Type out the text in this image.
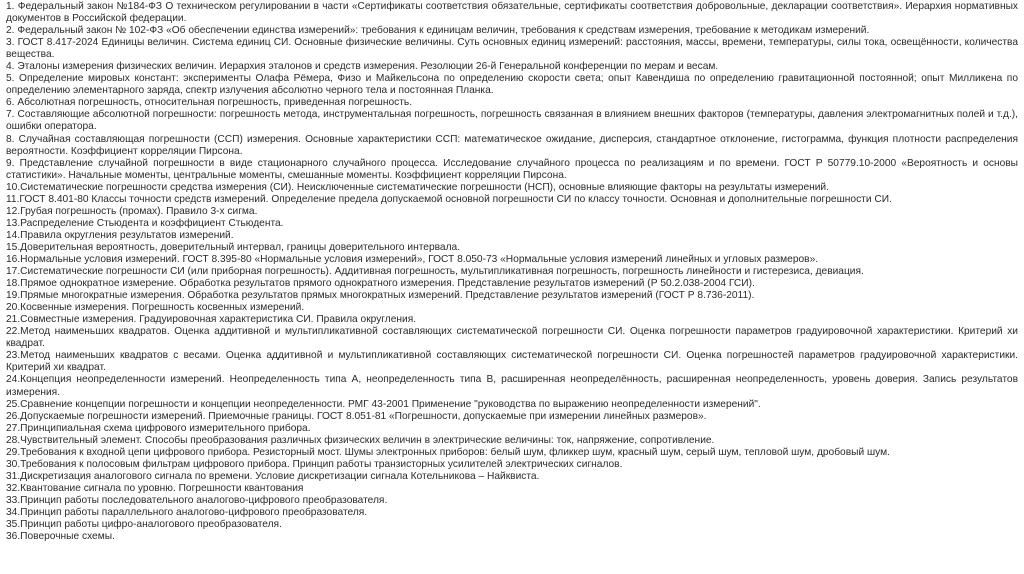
1. Федеральный закон №184-ФЗ О техническом регулировании в части «Сертификаты соответствия обязательные, сертификаты соответствия добровольные, декларации соответствия». Иерархия нормативных документов в Российской федерации.

2. Федеральный закон № 102-ФЗ «Об обеспечении единства измерений»: требования к единицам величин, требования к средствам измерения, требование к методикам измерений.

3. ГОСТ 8.417-2024 Единицы величин. Система единиц СИ. Основные физические величины. Суть основных единиц измерений: расстояния, массы, времени, температуры, силы тока, освещённости, количества вещества.

4. Эталоны измерения физических величин. Иерархия эталонов и средств измерения. Резолюции 26-й Генеральной конференции по мерам и весам.

5. Определение мировых констант: эксперименты Олафа Рёмера, Физо и Майкельсона по определению скорости света; опыт Кавендиша по определению гравитационной постоянной; опыт Милликена по определению элементарного заряда, спектр излучения абсолютно черного тела и постоянная Планка.

6. Абсолютная погрешность, относительная погрешность, приведенная погрешность.

7. Составляющие абсолютной погрешности: погрешность метода, инструментальная погрешность, погрешность связанная в влиянием внешних факторов (температуры, давления электромагнитных полей и т.д.), ошибки оператора.

8. Случайная составляющая погрешности (ССП) измерения. Основные характеристики ССП: математическое ожидание, дисперсия, стандартное отклонение, гистограмма, функция плотности распределения вероятности. Коэффициент корреляции Пирсона.

9. Представление случайной погрешности в виде стационарного случайного процесса. Исследование случайного процесса по реализациям и по времени. ГОСТ Р 50779.10-2000 «Вероятность и основы статистики». Начальные моменты, центральные моменты, смешанные моменты. Коэффициент корреляции Пирсона.

10.Систематические погрешности средства измерения (СИ). Неисключенные систематические погрешности (НСП), основные влияющие факторы на результаты измерений.

11.ГОСТ 8.401-80 Классы точности средств измерений. Определение предела допускаемой основной погрешности СИ по классу точности. Основная и дополнительные погрешности СИ.

12.Грубая погрешность (промах). Правило 3-х сигма.

13.Распределение Стьюдента и коэффициент Стьюдента.

14.Правила округления результатов измерений.

15.Доверительная вероятность, доверительный интервал, границы доверительного интервала.

16.Нормальные условия измерений. ГОСТ 8.395-80 «Нормальные условия измерений», ГОСТ 8.050-73 «Нормальные условия измерений линейных и угловых размеров».

17.Систематические погрешности СИ (или приборная погрешность). Аддитивная погрешность, мультипликативная погрешность, погрешность линейности и гистерезиса, девиация.

18.Прямое однократное измерение. Обработка результатов прямого однократного измерения. Представление результатов измерений (Р 50.2.038-2004 ГСИ).

19.Прямые многократные измерения. Обработка результатов прямых многократных измерений. Представление результатов измерений (ГОСТ Р 8.736-2011).

20.Косвенные измерения. Погрешность косвенных измерений.

21.Совместные измерения. Градуировочная характеристика СИ. Правила округления.

22.Метод наименьших квадратов. Оценка аддитивной и мультипликативной составляющих систематической погрешности СИ. Оценка погрешности параметров градуировочной характеристики. Критерий хи квадрат.

23.Метод наименьших квадратов с весами. Оценка аддитивной и мультипликативной составляющих систематической погрешности СИ. Оценка погрешностей параметров градуировочной характеристики. Критерий хи квадрат.

24.Концепция неопределенности измерений. Неопределенность типа А, неопределенность типа В, расширенная неопределённость, расширенная неопределенность, уровень доверия. Запись результатов измерения.

25.Сравнение концепции погрешности и концепции неопределенности. РМГ 43-2001 Применение "руководства по выражению неопределенности измерений".

26.Допускаемые погрешности измерений. Приемочные границы. ГОСТ 8.051-81 «Погрешности, допускаемые при измерении линейных размеров».

27.Принципиальная схема цифрового измерительного прибора.

28.Чувствительный элемент. Способы преобразования различных физических величин в электрические величины: ток, напряжение, сопротивление.

29.Требования к входной цепи цифрового прибора. Резисторный мост. Шумы электронных приборов: белый шум, фликкер шум, красный шум, серый шум, тепловой шум, дробовый шум.

30.Требования к полосовым фильтрам цифрового прибора. Принцип работы транзисторных усилителей электрических сигналов.

31.Дискретизация аналогового сигнала по времени. Условие дискретизации сигнала Котельникова – Найквиста.

32.Квантование сигнала по уровню. Погрешности квантования

33.Принцип работы последовательного аналогово-цифрового преобразователя.

34.Принцип работы параллельного аналогово-цифрового преобразователя.

35.Принцип работы цифро-аналогового преобразователя.

36.Поверочные схемы.
